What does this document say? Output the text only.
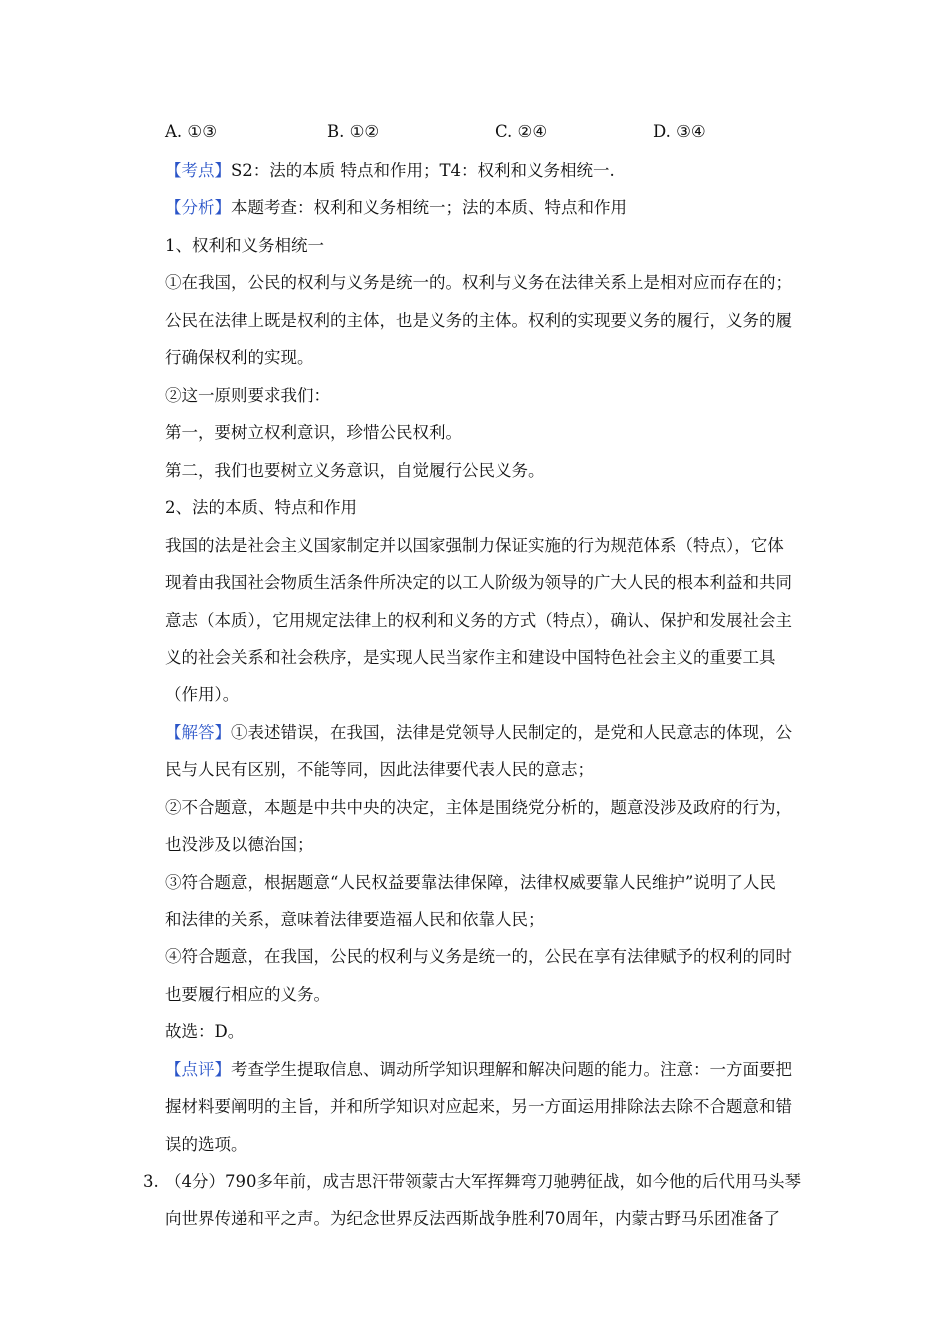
A. ①③	B. ①②	C. ②④	D. ③④
【考点】S2：法的本质 特点和作用；T4：权利和义务相统一.
【分析】本题考查：权利和义务相统一；法的本质、特点和作用
1、权利和义务相统一
①在我国，公民的权利与义务是统一的。权利与义务在法律关系上是相对应而存在的；
公民在法律上既是权利的主体，也是义务的主体。权利的实现要义务的履行，义务的履
行确保权利的实现。
②这一原则要求我们：
第一，要树立权利意识，珍惜公民权利。
第二，我们也要树立义务意识，自觉履行公民义务。
2、法的本质、特点和作用
我国的法是社会主义国家制定并以国家强制力保证实施的行为规范体系（特点），它体
现着由我国社会物质生活条件所决定的以工人阶级为领导的广大人民的根本利益和共同
意志（本质），它用规定法律上的权利和义务的方式（特点），确认、保护和发展社会主
义的社会关系和社会秩序，是实现人民当家作主和建设中国特色社会主义的重要工具
（作用）。
【解答】①表述错误，在我国，法律是党领导人民制定的，是党和人民意志的体现，公
民与人民有区别，不能等同，因此法律要代表人民的意志；
②不合题意，本题是中共中央的决定，主体是围绕党分析的，题意没涉及政府的行为，
也没涉及以德治国；
③符合题意，根据题意“人民权益要靠法律保障，法律权威要靠人民维护”说明了人民
和法律的关系，意味着法律要造福人民和依靠人民；
④符合题意，在我国，公民的权利与义务是统一的，公民在享有法律赋予的权利的同时
也要履行相应的义务。
故选：D。
【点评】考查学生提取信息、调动所学知识理解和解决问题的能力。注意：一方面要把
握材料要阐明的主旨，并和所学知识对应起来，另一方面运用排除法去除不合题意和错
误的选项。
3. （4分）790多年前，成吉思汗带领蒙古大军挥舞弯刀驰骋征战，如今他的后代用马头琴
向世界传递和平之声。为纪念世界反法西斯战争胜利70周年，内蒙古野马乐团准备了
